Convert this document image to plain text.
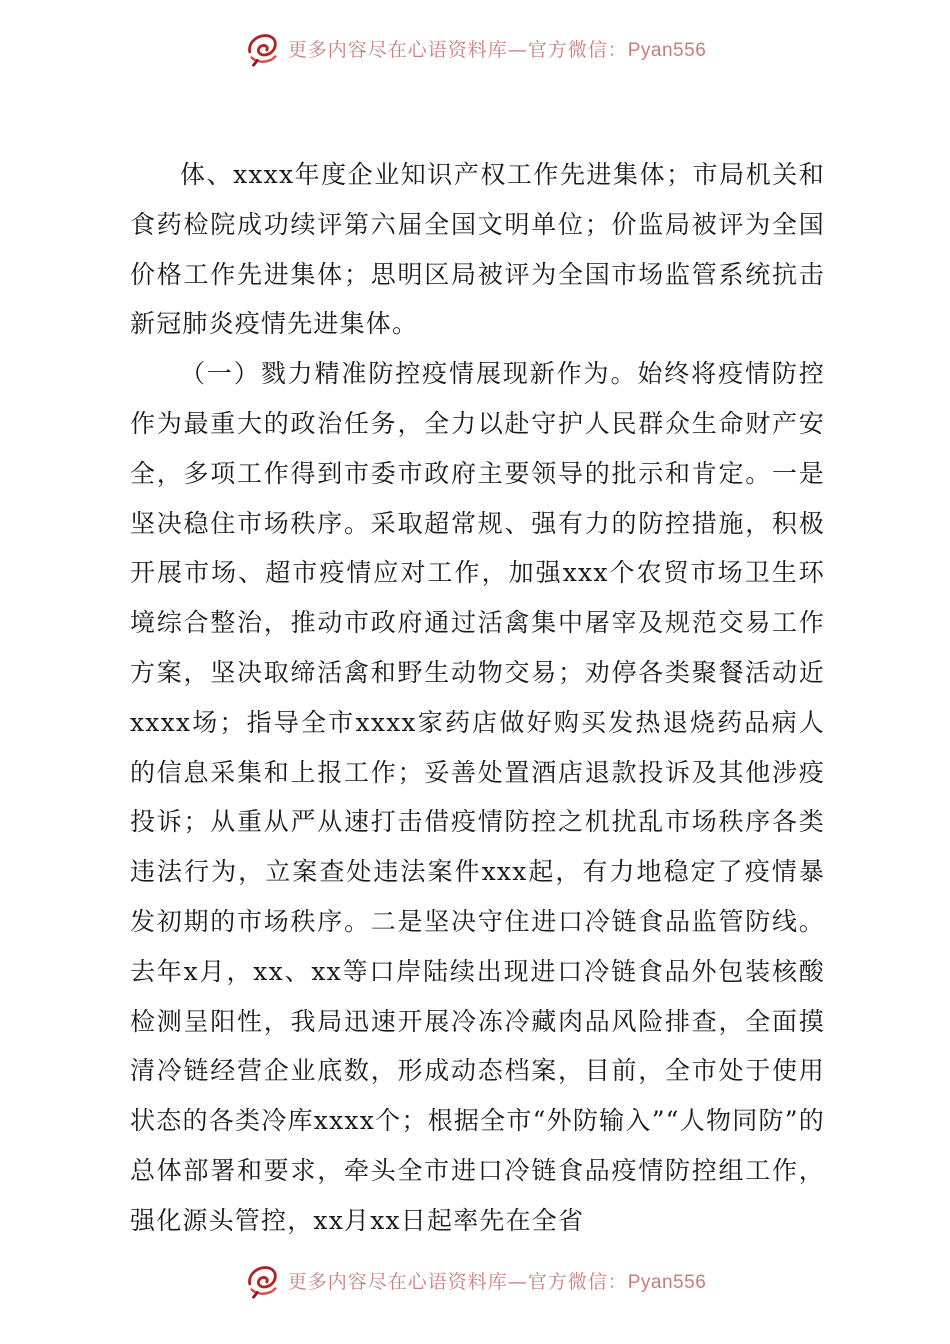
更多内容尽在心语资料库—官方微信：Pyan556

体、xxxx年度企业知识产权工作先进集体；市局机关和食药检院成功续评第六届全国文明单位；价监局被评为全国价格工作先进集体；思明区局被评为全国市场监管系统抗击新冠肺炎疫情先进集体。

（一）戮力精准防控疫情展现新作为。始终将疫情防控作为最重大的政治任务，全力以赴守护人民群众生命财产安全，多项工作得到市委市政府主要领导的批示和肯定。一是坚决稳住市场秩序。采取超常规、强有力的防控措施，积极开展市场、超市疫情应对工作，加强xxx个农贸市场卫生环境综合整治，推动市政府通过活禽集中屠宰及规范交易工作方案，坚决取缔活禽和野生动物交易；劝停各类聚餐活动近xxxx场；指导全市xxxx家药店做好购买发热退烧药品病人的信息采集和上报工作；妥善处置酒店退款投诉及其他涉疫投诉；从重从严从速打击借疫情防控之机扰乱市场秩序各类违法行为，立案查处违法案件xxx起，有力地稳定了疫情暴发初期的市场秩序。二是坚决守住进口冷链食品监管防线。去年x月，xx、xx等口岸陆续出现进口冷链食品外包装核酸检测呈阳性，我局迅速开展冷冻冷藏肉品风险排查，全面摸清冷链经营企业底数，形成动态档案，目前，全市处于使用状态的各类冷库xxxx个；根据全市“外防输入”“人物同防”的总体部署和要求，牵头全市进口冷链食品疫情防控组工作，强化源头管控，xx月xx日起率先在全省

更多内容尽在心语资料库—官方微信：Pyan556
